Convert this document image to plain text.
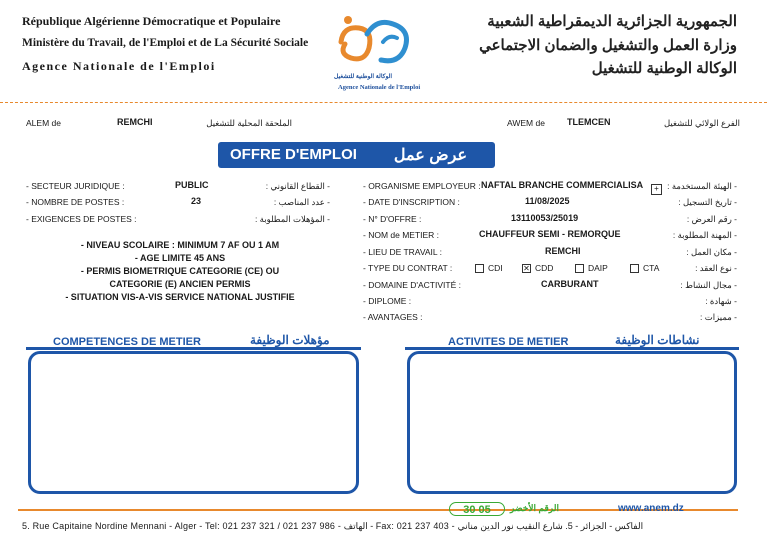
République Algérienne Démocratique et Populaire
Ministère du Travail, de l'Emploi et de La Sécurité Sociale
Agence Nationale de l'Emploi
الجمهورية الجزائرية الديمقراطية الشعبية
وزارة العمل والتشغيل والضمان الاجتماعي
الوكالة الوطنية للتشغيل
الوكالة الوطنية للتشغيل
Agence Nationale de l'Emploi
ALEM de	REMCHI	الملحقة المحلية للتشغيل	AWEM de TLEMCEN	الفرع الولائي للتشغيل
OFFRE D'EMPLOI عرض عمل
- SECTEUR JURIDIQUE :	PUBLIC	- القطاع القانوني :
- NOMBRE DE POSTES :	23	- عدد المناصب :
- EXIGENCES DE POSTES :	- المؤهلات المطلوبة :
- NIVEAU SCOLAIRE : MINIMUM 7 AF OU 1 AM
- AGE LIMITE 45 ANS
- PERMIS BIOMETRIQUE CATEGORIE (CE) OU
CATEGORIE (E) ANCIEN PERMIS
- SITUATION VIS-A-VIS SERVICE NATIONAL JUSTIFIE
- ORGANISME EMPLOYEUR : NAFTAL BRANCHE COMMERCIALISA	+ - الهيئة المستخدمة :
- DATE D'INSCRIPTION :	11/08/2025	- تاريخ التسجيل :
- N° D'OFFRE :	13110053/25019	- رقم العرض :
- NOM de METIER :	CHAUFFEUR SEMI - REMORQUE	- المهنة المطلوبة :
- LIEU DE TRAVAIL :	REMCHI	- مكان العمل :
- TYPE DU CONTRAT :	CDI	✕ CDD	DAIP	CTA	- نوع العقد :
- DOMAINE D'ACTIVITÉ :	CARBURANT	- مجال النشاط :
- DIPLOME :	- شهادة :
- AVANTAGES :	- مميزات :
COMPETENCES DE METIER	مؤهلات الوظيفة	ACTIVITES DE METIER	نشاطات الوظيفة
30 05	الرقم الأخضر	www.anem.dz
5. Rue Capitaine Nordine Mennani - Alger - Tel: 021 237 321 / 021 237 986 - الهاتف - Fax: 021 237 403 - الفاكس - الجزائر - 5. شارع النقيب نور الدين مناني
